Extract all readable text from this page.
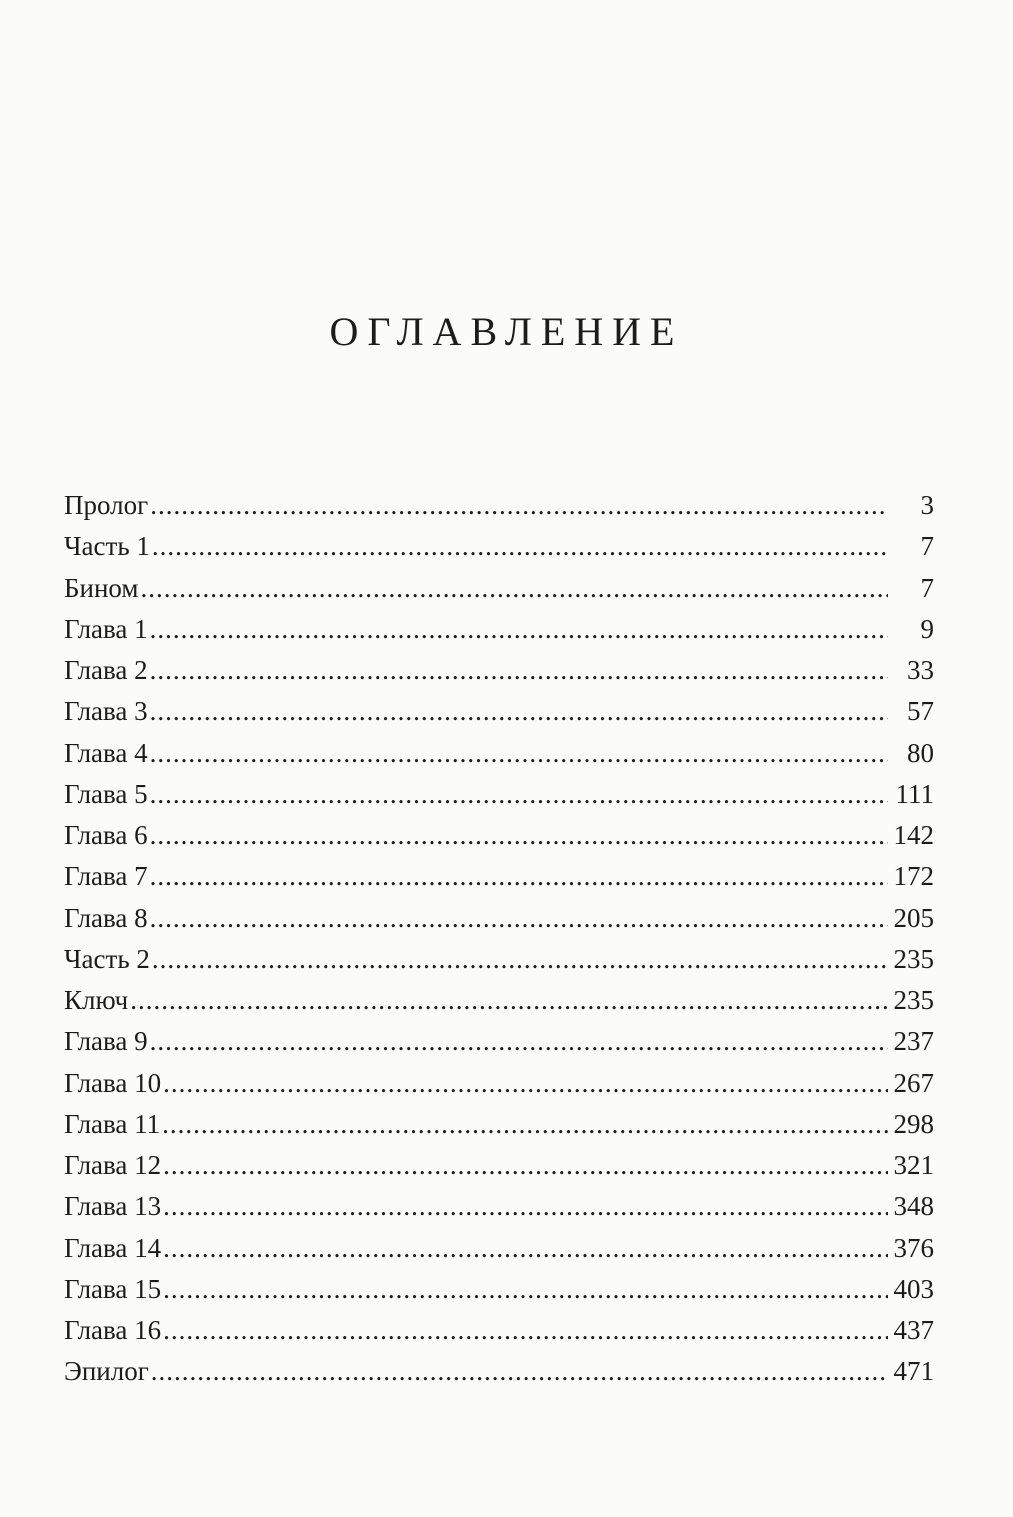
ОГЛАВЛЕНИЕ
Пролог .....	3
Часть 1 .....	7
Бином .....	7
Глава 1 .....	9
Глава 2 .....	33
Глава 3 .....	57
Глава 4 .....	80
Глава 5 .....	111
Глава 6 .....	142
Глава 7 .....	172
Глава 8 .....	205
Часть 2 .....	235
Ключ .....	235
Глава 9 .....	237
Глава 10 .....	267
Глава 11 .....	298
Глава 12 .....	321
Глава 13 .....	348
Глава 14 .....	376
Глава 15 .....	403
Глава 16 .....	437
Эпилог .....	471
